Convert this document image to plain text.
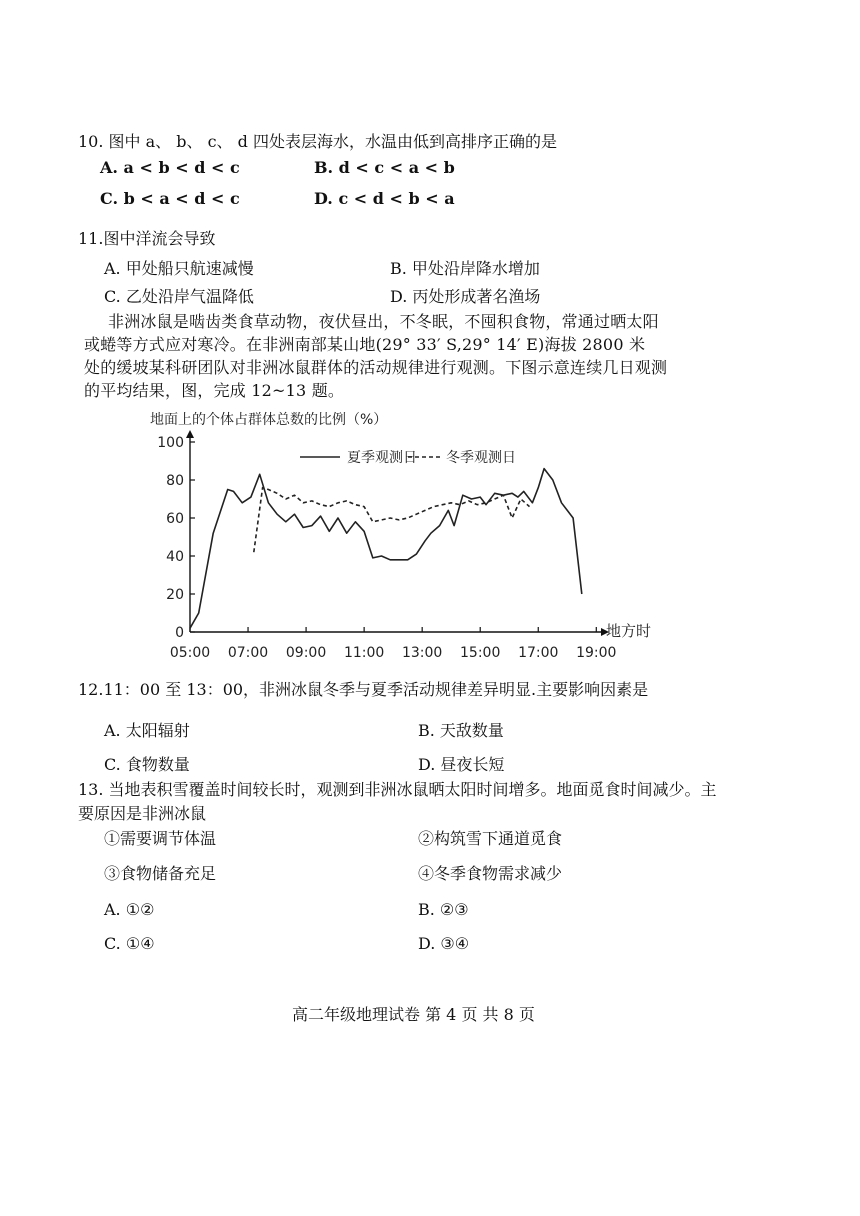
10. 图中 a、 b、 c、 d 四处表层海水，水温由低到高排序正确的是
A. a < b < d < c	B. d < c < a < b
C. b < a < d < c	D. c < d < b < a
11.图中洋流会导致
A. 甲处船只航速减慢	B. 甲处沿岸降水增加
C. 乙处沿岸气温降低	D. 丙处形成著名渔场
非洲冰鼠是啮齿类食草动物，夜伏昼出，不冬眠，不囤积食物，常通过晒太阳
或蜷等方式应对寒冷。在非洲南部某山地(29° 33′ S,29° 14′ E)海拔 2800 米
处的缓坡某科研团队对非洲冰鼠群体的活动规律进行观测。下图示意连续几日观测
的平均结果，图，完成 12~13 题。
地面上的个体占群体总数的比例（%）
0
20
40
60
80
100
05:00 07:00 09:00 11:00 13:00 15:00 17:00 19:00
夏季观测日 冬季观测日
地方时
12.11：00 至 13：00，非洲冰鼠冬季与夏季活动规律差异明显.主要影响因素是
A. 太阳辐射	B. 天敌数量
C. 食物数量	D. 昼夜长短
13. 当地表积雪覆盖时间较长时，观测到非洲冰鼠晒太阳时间增多。地面觅食时间减少。主
要原因是非洲冰鼠
①需要调节体温	②构筑雪下通道觅食
③食物储备充足	④冬季食物需求减少
A. ①②	B. ②③
C. ①④	D. ③④
高二年级地理试卷 第 4 页 共 8 页
